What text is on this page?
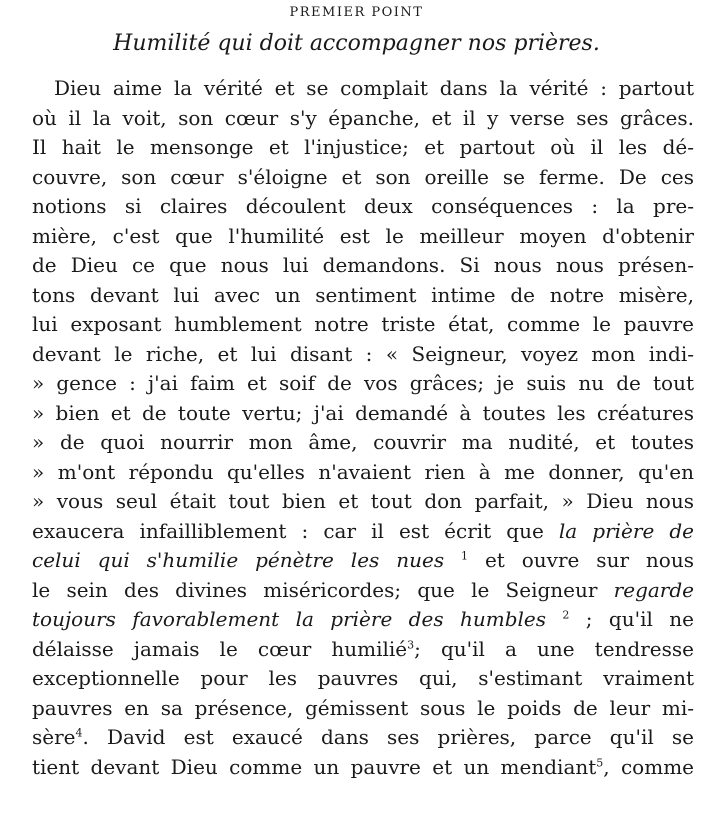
PREMIER POINT
Humilité qui doit accompagner nos prières.
Dieu aime la vérité et se complait dans la vérité : partout
où il la voit, son cœur s'y épanche, et il y verse ses grâces.
Il hait le mensonge et l'injustice; et partout où il les dé-
couvre, son cœur s'éloigne et son oreille se ferme. De ces
notions si claires découlent deux conséquences : la pre-
mière, c'est que l'humilité est le meilleur moyen d'obtenir
de Dieu ce que nous lui demandons. Si nous nous présen-
tons devant lui avec un sentiment intime de notre misère,
lui exposant humblement notre triste état, comme le pauvre
devant le riche, et lui disant : « Seigneur, voyez mon indi-
» gence : j'ai faim et soif de vos grâces; je suis nu de tout
» bien et de toute vertu; j'ai demandé à toutes les créatures
» de quoi nourrir mon âme, couvrir ma nudité, et toutes
» m'ont répondu qu'elles n'avaient rien à me donner, qu'en
» vous seul était tout bien et tout don parfait, » Dieu nous
exaucera infailliblement : car il est écrit que la prière de
celui qui s'humilie pénètre les nues $^1$ et ouvre sur nous
le sein des divines miséricordes; que le Seigneur regarde
toujours favorablement la prière des humbles $^2$ ; qu'il ne
délaisse jamais le cœur humilié$^3$; qu'il a une tendresse
exceptionnelle pour les pauvres qui, s'estimant vraiment
pauvres en sa présence, gémissent sous le poids de leur mi-
sère$^4$. David est exaucé dans ses prières, parce qu'il se
tient devant Dieu comme un pauvre et un mendiant$^5$, comme
